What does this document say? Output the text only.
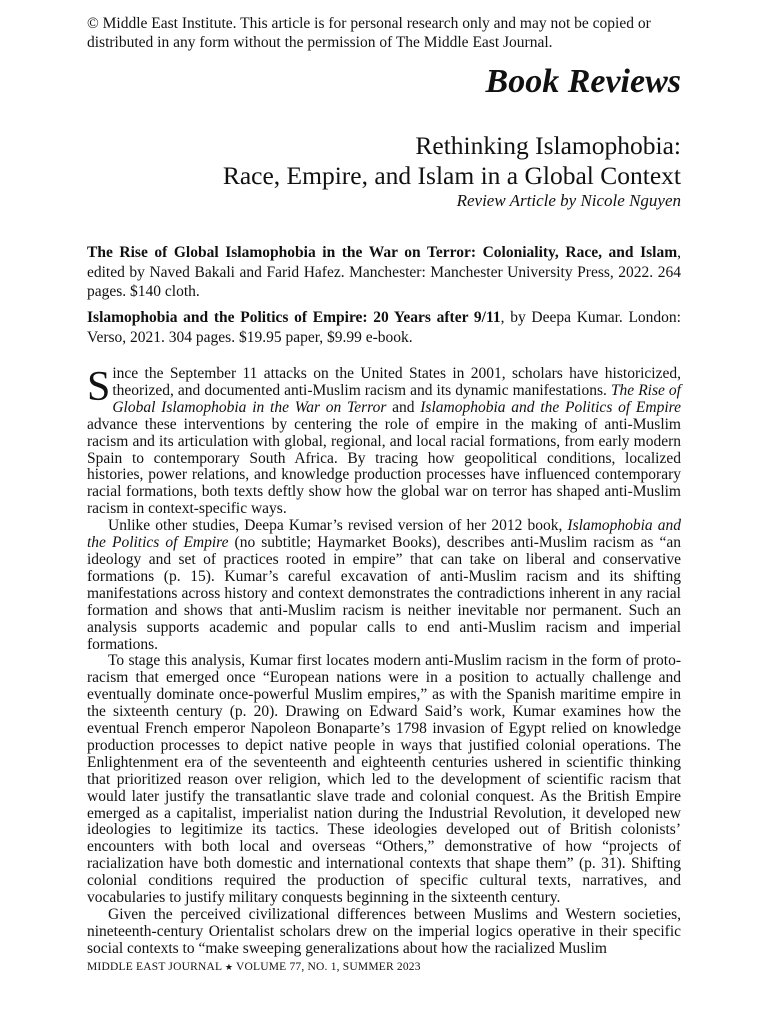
© Middle East Institute. This article is for personal research only and may not be copied or distributed in any form without the permission of The Middle East Journal.
Book Reviews
Rethinking Islamophobia:
Race, Empire, and Islam in a Global Context
Review Article by Nicole Nguyen
The Rise of Global Islamophobia in the War on Terror: Coloniality, Race, and Islam, edited by Naved Bakali and Farid Hafez. Manchester: Manchester University Press, 2022. 264 pages. $140 cloth.
Islamophobia and the Politics of Empire: 20 Years after 9/11, by Deepa Kumar. London: Verso, 2021. 304 pages. $19.95 paper, $9.99 e-book.

Since the September 11 attacks on the United States in 2001, scholars have historicized, theorized, and documented anti-Muslim racism and its dynamic manifestations. The Rise of Global Islamophobia in the War on Terror and Islamophobia and the Politics of Empire advance these interventions by centering the role of empire in the making of anti-Muslim racism and its articulation with global, regional, and local racial formations, from early modern Spain to contemporary South Africa. By tracing how geopolitical conditions, localized histories, power relations, and knowledge production processes have influenced contemporary racial formations, both texts deftly show how the global war on terror has shaped anti-Muslim racism in context-specific ways.

Unlike other studies, Deepa Kumar’s revised version of her 2012 book, Islamophobia and the Politics of Empire (no subtitle; Haymarket Books), describes anti-Muslim racism as “an ideology and set of practices rooted in empire” that can take on liberal and conservative formations (p. 15). Kumar’s careful excavation of anti-Muslim racism and its shifting manifestations across history and context demonstrates the contradictions inherent in any racial formation and shows that anti-Muslim racism is neither inevitable nor permanent. Such an analysis supports academic and popular calls to end anti-Muslim racism and imperial formations.

To stage this analysis, Kumar first locates modern anti-Muslim racism in the form of proto-racism that emerged once “European nations were in a position to actually challenge and eventually dominate once-powerful Muslim empires,” as with the Spanish maritime empire in the sixteenth century (p. 20). Drawing on Edward Said’s work, Kumar examines how the eventual French emperor Napoleon Bonaparte’s 1798 invasion of Egypt relied on knowledge production processes to depict native people in ways that justified colonial operations. The Enlightenment era of the seventeenth and eighteenth centuries ushered in scientific thinking that prioritized reason over religion, which led to the development of scientific racism that would later justify the transatlantic slave trade and colonial conquest. As the British Empire emerged as a capitalist, imperialist nation during the Industrial Revolution, it developed new ideologies to legitimize its tactics. These ideologies developed out of British colonists’ encounters with both local and overseas “Others,” demonstrative of how “projects of racialization have both domestic and international contexts that shape them” (p. 31). Shifting colonial conditions required the production of specific cultural texts, narratives, and vocabularies to justify military conquests beginning in the sixteenth century.

Given the perceived civilizational differences between Muslims and Western societies, nineteenth-century Orientalist scholars drew on the imperial logics operative in their specific social contexts to “make sweeping generalizations about how the racialized Muslim

MIDDLE EAST JOURNAL ★ VOLUME 77, NO. 1, SUMMER 2023
